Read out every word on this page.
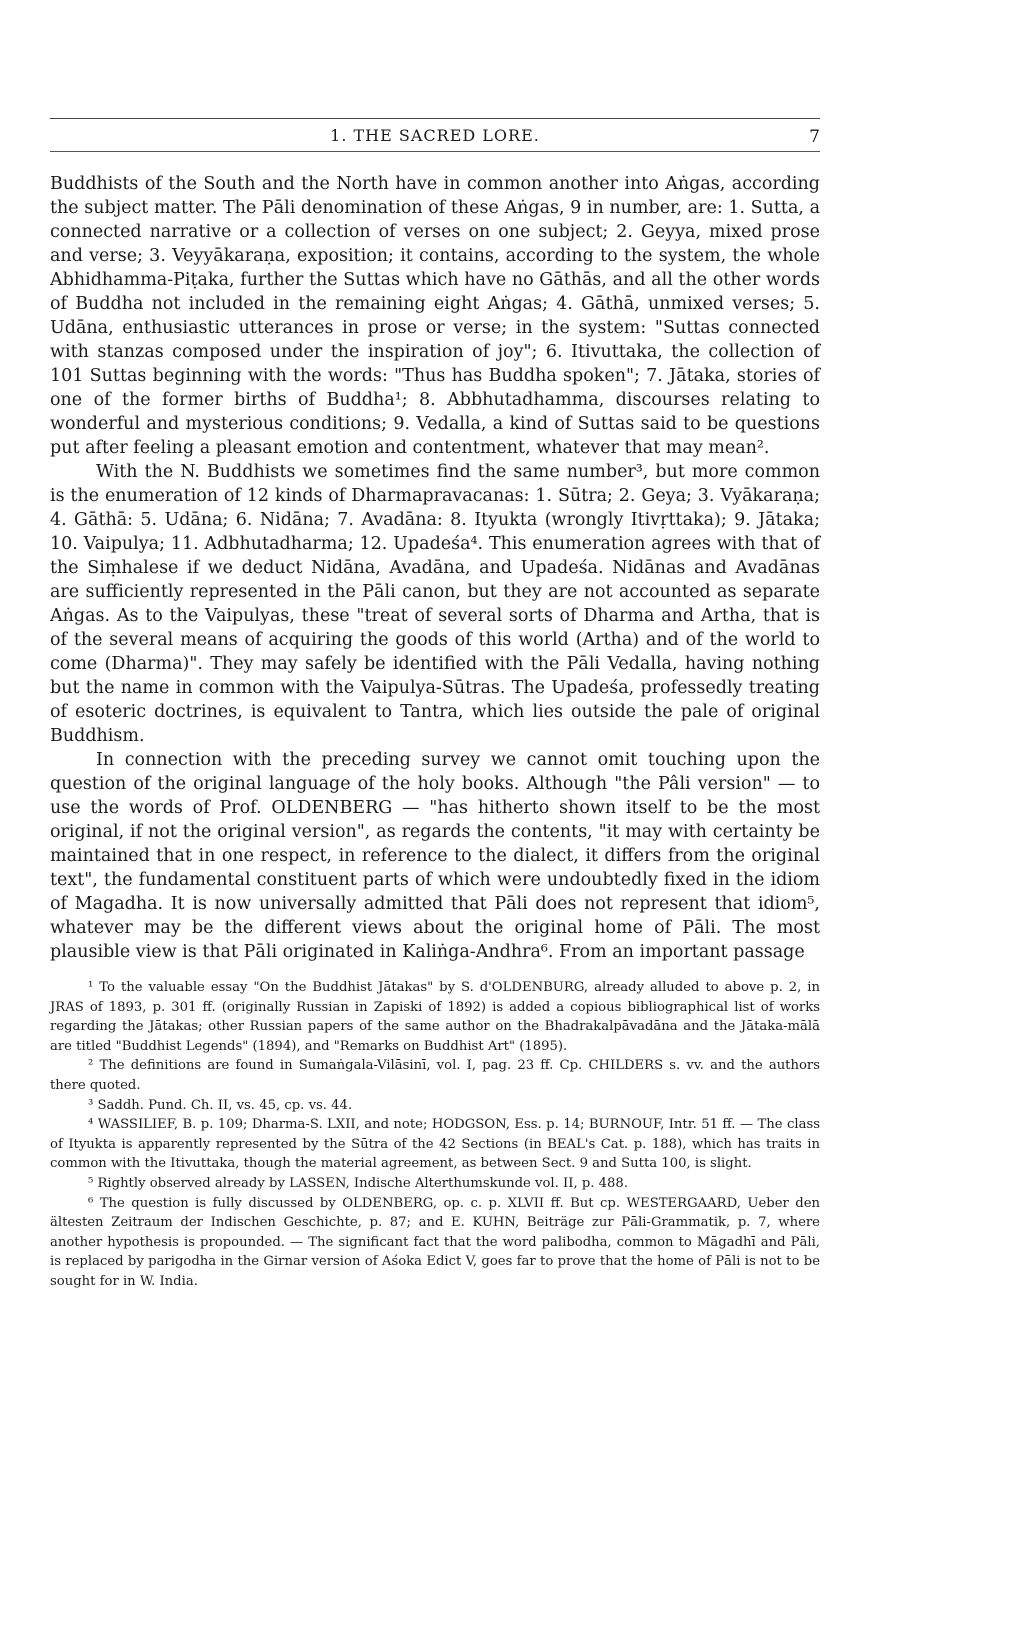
1. THE SACRED LORE.	7

Buddhists of the South and the North have in common another into Aṅgas, according the subject matter. The Pāli denomination of these Aṅgas, 9 in number, are: 1. Sutta, a connected narrative or a collection of verses on one subject; 2. Geyya, mixed prose and verse; 3. Veyyākaraṇa, exposition; it contains, according to the system, the whole Abhidhamma-Piṭaka, further the Suttas which have no Gāthās, and all the other words of Buddha not included in the remaining eight Aṅgas; 4. Gāthā, unmixed verses; 5. Udāna, enthusiastic utterances in prose or verse; in the system: "Suttas connected with stanzas composed under the inspiration of joy"; 6. Itivuttaka, the collection of 101 Suttas beginning with the words: "Thus has Buddha spoken"; 7. Jātaka, stories of one of the former births of Buddha¹; 8. Abbhutadhamma, discourses relating to wonderful and mysterious conditions; 9. Vedalla, a kind of Suttas said to be questions put after feeling a pleasant emotion and contentment, whatever that may mean².

With the N. Buddhists we sometimes find the same number³, but more common is the enumeration of 12 kinds of Dharmapravacanas: 1. Sūtra; 2. Geya; 3. Vyākaraṇa; 4. Gāthā: 5. Udāna; 6. Nidāna; 7. Avadāna: 8. Ityukta (wrongly Itivṛttaka); 9. Jātaka; 10. Vaipulya; 11. Adbhutadharma; 12. Upadeśa⁴. This enumeration agrees with that of the Siṃhalese if we deduct Nidāna, Avadāna, and Upadeśa. Nidānas and Avadānas are sufficiently represented in the Pāli canon, but they are not accounted as separate Aṅgas. As to the Vaipulyas, these "treat of several sorts of Dharma and Artha, that is of the several means of acquiring the goods of this world (Artha) and of the world to come (Dharma)". They may safely be identified with the Pāli Vedalla, having nothing but the name in common with the Vaipulya-Sūtras. The Upadeśa, professedly treating of esoteric doctrines, is equivalent to Tantra, which lies outside the pale of original Buddhism.

In connection with the preceding survey we cannot omit touching upon the question of the original language of the holy books. Although "the Pâli version" — to use the words of Prof. OLDENBERG — "has hitherto shown itself to be the most original, if not the original version", as regards the contents, "it may with certainty be maintained that in one respect, in reference to the dialect, it differs from the original text", the fundamental constituent parts of which were undoubtedly fixed in the idiom of Magadha. It is now universally admitted that Pāli does not represent that idiom⁵, whatever may be the different views about the original home of Pāli. The most plausible view is that Pāli originated in Kaliṅga-Andhra⁶. From an important passage

¹ To the valuable essay "On the Buddhist Jātakas" by S. d'OLDENBURG, already alluded to above p. 2, in JRAS of 1893, p. 301 ff. (originally Russian in Zapiski of 1892) is added a copious bibliographical list of works regarding the Jātakas; other Russian papers of the same author on the Bhadrakalpāvadāna and the Jātaka-mālā are titled "Buddhist Legends" (1894), and "Remarks on Buddhist Art" (1895).

² The definitions are found in Sumaṅgala-Vilāsinī, vol. I, pag. 23 ff. Cp. CHILDERS s. vv. and the authors there quoted.

³ Saddh. Pund. Ch. II, vs. 45, cp. vs. 44.

⁴ WASSILIEF, B. p. 109; Dharma-S. LXII, and note; HODGSON, Ess. p. 14; BURNOUF, Intr. 51 ff. — The class of Ityukta is apparently represented by the Sūtra of the 42 Sections (in BEAL's Cat. p. 188), which has traits in common with the Itivuttaka, though the material agreement, as between Sect. 9 and Sutta 100, is slight.

⁵ Rightly observed already by LASSEN, Indische Alterthumskunde vol. II, p. 488.

⁶ The question is fully discussed by OLDENBERG, op. c. p. XLVII ff. But cp. WESTERGAARD, Ueber den ältesten Zeitraum der Indischen Geschichte, p. 87; and E. KUHN, Beiträge zur Pāli-Grammatik, p. 7, where another hypothesis is propounded. — The significant fact that the word palibodha, common to Māgadhī and Pāli, is replaced by parigodha in the Girnar version of Aśoka Edict V, goes far to prove that the home of Pāli is not to be sought for in W. India.
